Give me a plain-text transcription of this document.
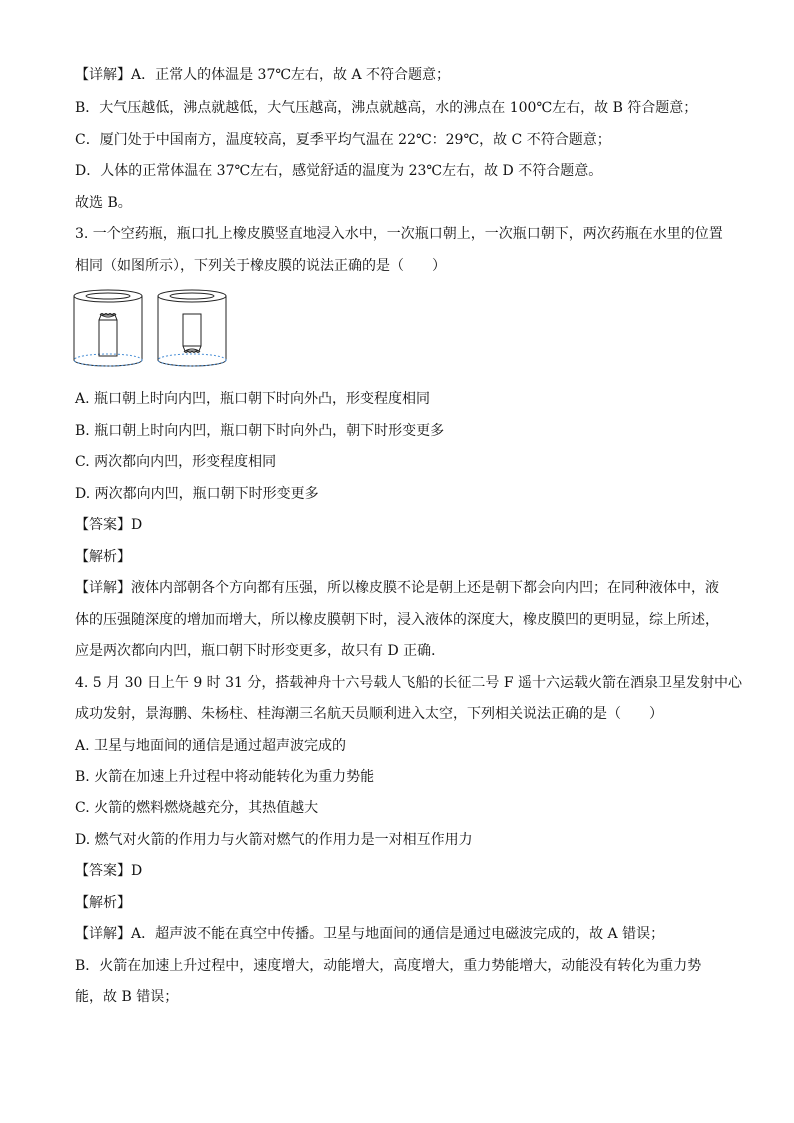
【详解】A．正常人的体温是 37℃左右，故 A 不符合题意；
B．大气压越低，沸点就越低，大气压越高，沸点就越高，水的沸点在 100℃左右，故 B 符合题意；
C．厦门处于中国南方，温度较高，夏季平均气温在 22℃：29℃，故 C 不符合题意；
D．人体的正常体温在 37℃左右，感觉舒适的温度为 23℃左右，故 D 不符合题意。
故选 B。
3. 一个空药瓶，瓶口扎上橡皮膜竖直地浸入水中，一次瓶口朝上，一次瓶口朝下，两次药瓶在水里的位置
相同（如图所示），下列关于橡皮膜的说法正确的是（　　）
A. 瓶口朝上时向内凹，瓶口朝下时向外凸，形变程度相同
B. 瓶口朝上时向内凹，瓶口朝下时向外凸，朝下时形变更多
C. 两次都向内凹，形变程度相同
D. 两次都向内凹，瓶口朝下时形变更多
【答案】D
【解析】
【详解】液体内部朝各个方向都有压强，所以橡皮膜不论是朝上还是朝下都会向内凹；在同种液体中，液
体的压强随深度的增加而增大，所以橡皮膜朝下时，浸入液体的深度大，橡皮膜凹的更明显，综上所述，
应是两次都向内凹，瓶口朝下时形变更多，故只有 D 正确．
4. 5 月 30 日上午 9 时 31 分，搭载神舟十六号载人飞船的长征二号 F 遥十六运载火箭在酒泉卫星发射中心
成功发射，景海鹏、朱杨柱、桂海潮三名航天员顺利进入太空，下列相关说法正确的是（　　）
A. 卫星与地面间的通信是通过超声波完成的
B. 火箭在加速上升过程中将动能转化为重力势能
C. 火箭的燃料燃烧越充分，其热值越大
D. 燃气对火箭的作用力与火箭对燃气的作用力是一对相互作用力
【答案】D
【解析】
【详解】A．超声波不能在真空中传播。卫星与地面间的通信是通过电磁波完成的，故 A 错误；
B．火箭在加速上升过程中，速度增大，动能增大，高度增大，重力势能增大，动能没有转化为重力势
能，故 B 错误；
